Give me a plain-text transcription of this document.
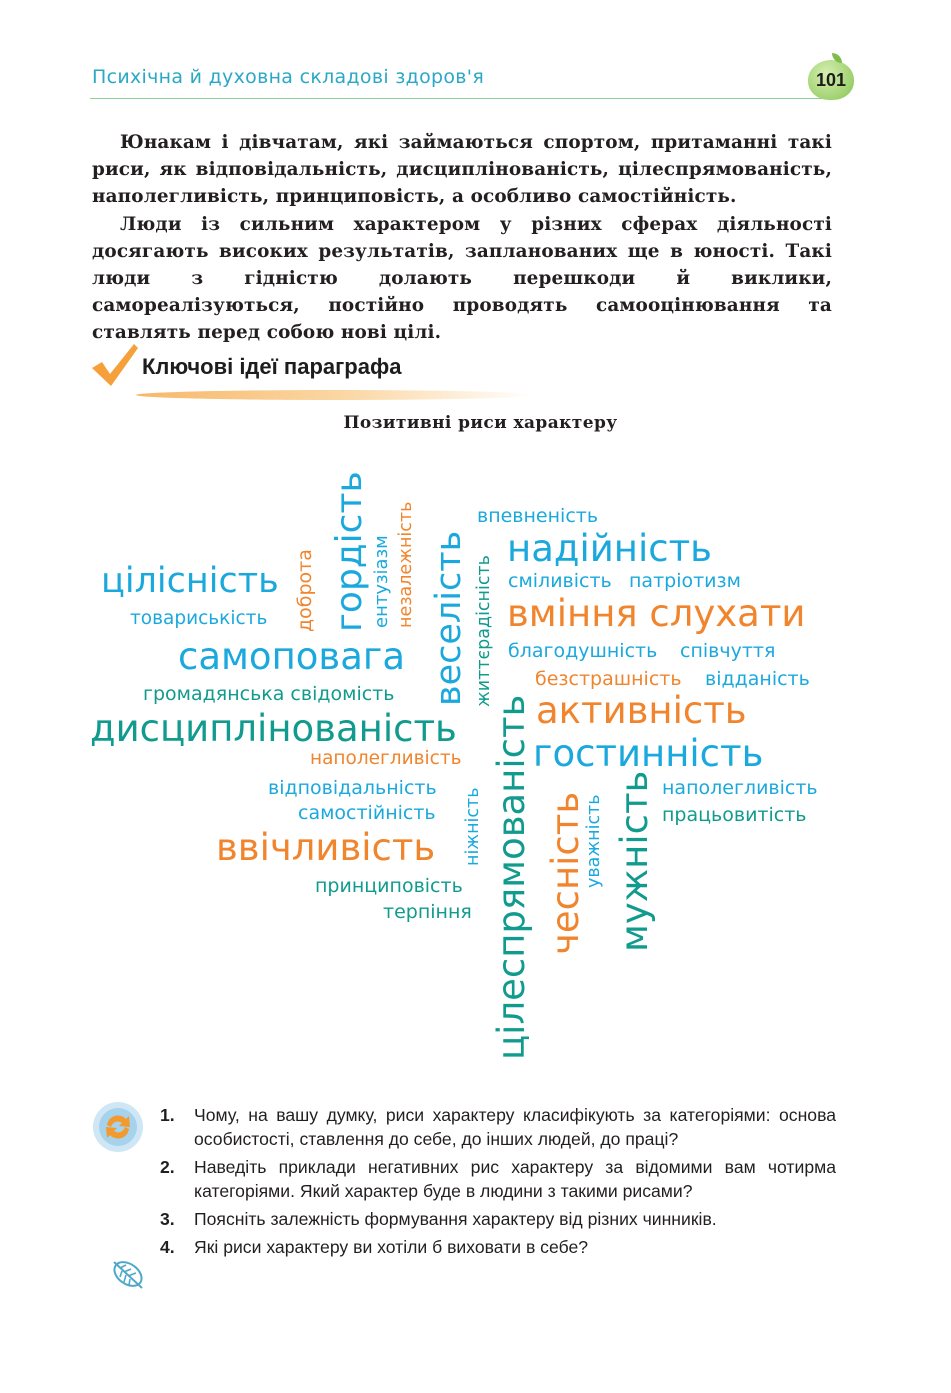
Психічна й духовна складові здоров'я	101

Юнакам і дівчатам, які займаються спортом, притаманні такі риси, як відповідальність, дисциплінованість, цілеспрямованість, наполегливість, принциповість, а особливо самостійність.

Люди із сильним характером у різних сферах діяльності досягають високих результатів, запланованих ще в юності. Такі люди з гідністю долають перешкоди й виклики, самореалізуються, постійно проводять самооцінювання та ставлять перед собою нові цілі.

Ключові ідеї параграфа
Позитивні риси характеру
гордість
доброта	ентузіазм незалежність веселість життєрадісність
цілісність
товариськість
самоповага
громадянська свідомість
дисциплінованість
наполегливість
відповідальність
самостійність
ввічливість
принциповість
терпіння
ніжність цілеспрямованість чесність
уважність мужність
впевненість
надійність
сміливість патріотизм
вміння слухати
благодушність співчуття
безстрашність відданість
активність
гостинність
наполегливість
працьовитість
1. Чому, на вашу думку, риси характеру класифікують за категоріями: основа особистості, ставлення до себе, до інших людей, до праці?
2. Наведіть приклади негативних рис характеру за відомими вам чотирма категоріями. Який характер буде в людини з такими рисами?
3. Поясніть залежність формування характеру від різних чинників.
4. Які риси характеру ви хотіли б виховати в себе?
